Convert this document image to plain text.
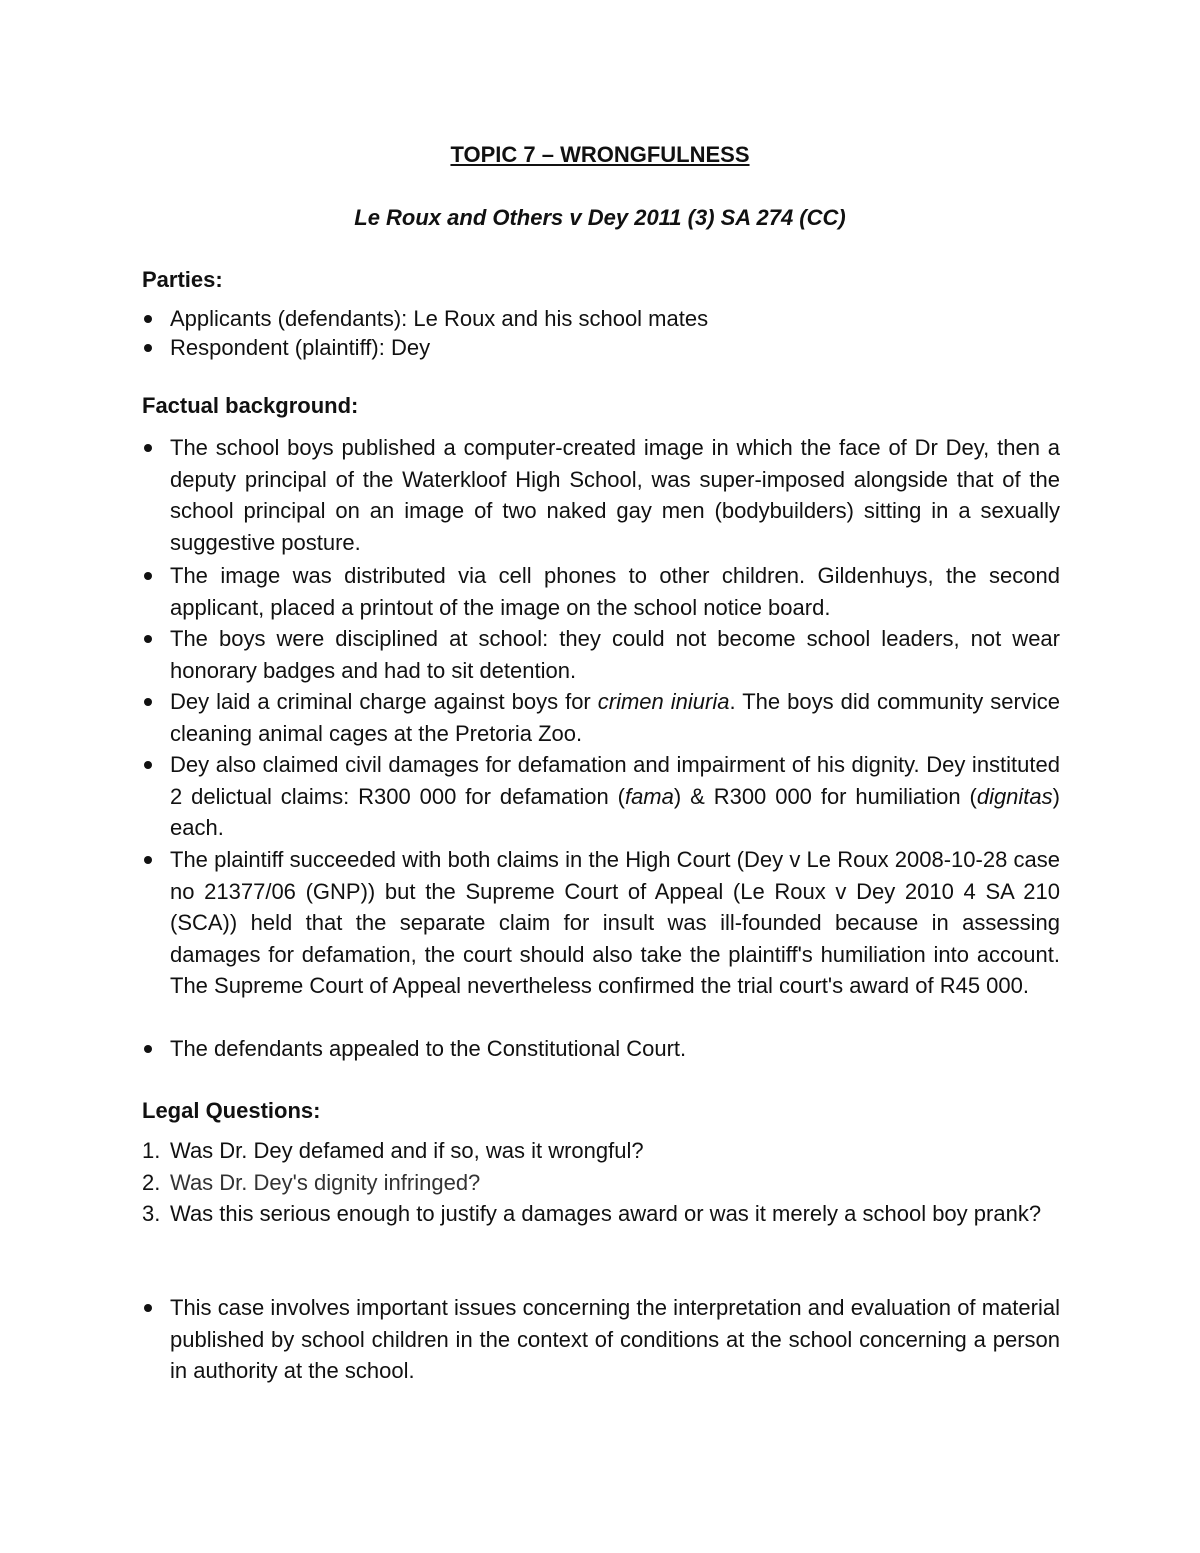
TOPIC 7 – WRONGFULNESS
Le Roux and Others v Dey 2011 (3) SA 274 (CC)
Parties:
Applicants (defendants): Le Roux and his school mates
Respondent (plaintiff): Dey
Factual background:
The school boys published a computer-created image in which the face of Dr Dey, then a deputy principal of the Waterkloof High School, was super-imposed alongside that of the school principal on an image of two naked gay men (bodybuilders) sitting in a sexually suggestive posture.
The image was distributed via cell phones to other children. Gildenhuys, the second applicant, placed a printout of the image on the school notice board.
The boys were disciplined at school: they could not become school leaders, not wear honorary badges and had to sit detention.
Dey laid a criminal charge against boys for crimen iniuria. The boys did community service cleaning animal cages at the Pretoria Zoo.
Dey also claimed civil damages for defamation and impairment of his dignity. Dey instituted 2 delictual claims: R300 000 for defamation (fama) & R300 000 for humiliation (dignitas) each.
The plaintiff succeeded with both claims in the High Court (Dey v Le Roux 2008-10-28 case no 21377/06 (GNP)) but the Supreme Court of Appeal (Le Roux v Dey 2010 4 SA 210 (SCA)) held that the separate claim for insult was ill-founded because in assessing damages for defamation, the court should also take the plaintiff's humiliation into account. The Supreme Court of Appeal nevertheless confirmed the trial court's award of R45 000.
The defendants appealed to the Constitutional Court.
Legal Questions:
1. Was Dr. Dey defamed and if so, was it wrongful?
2. Was Dr. Dey's dignity infringed?
3. Was this serious enough to justify a damages award or was it merely a school boy prank?
This case involves important issues concerning the interpretation and evaluation of material published by school children in the context of conditions at the school concerning a person in authority at the school.
